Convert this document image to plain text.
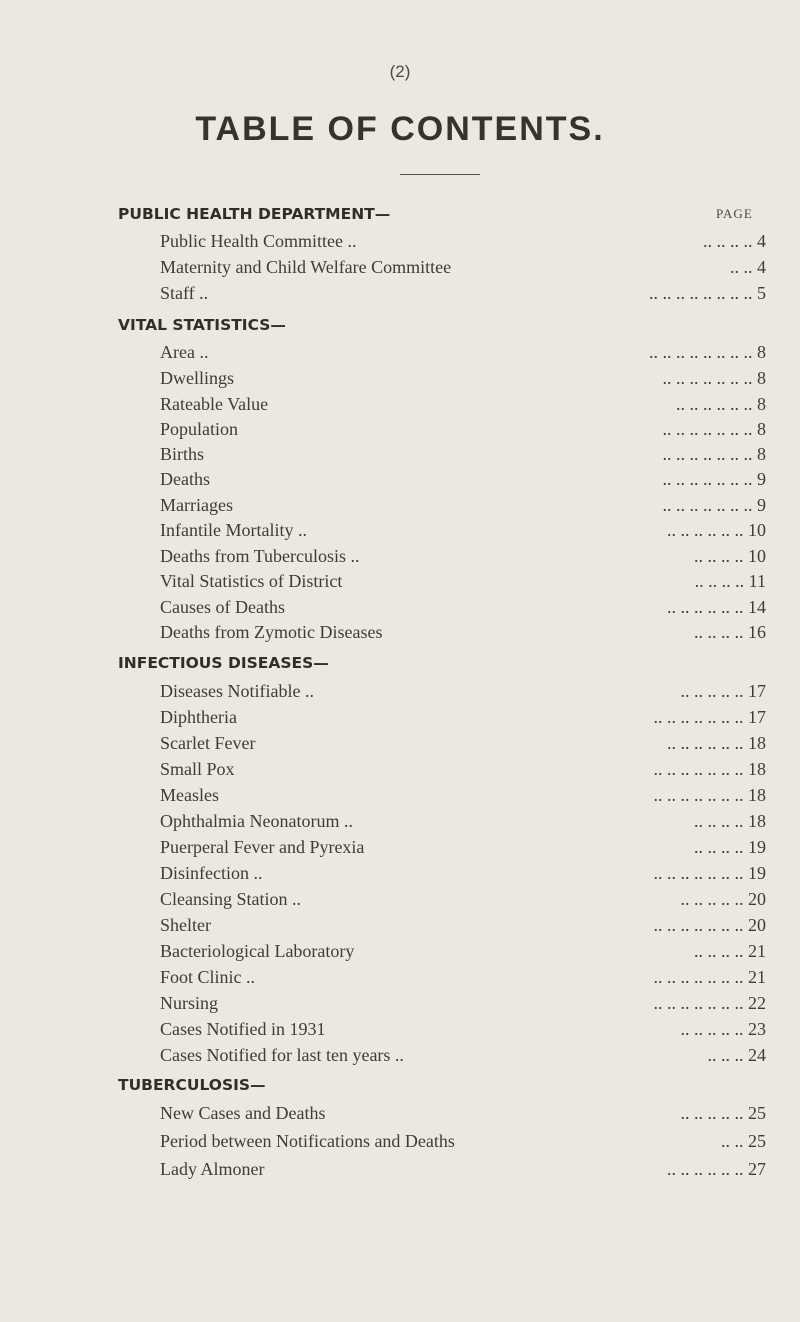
(2)
TABLE OF CONTENTS.
PAGE
PUBLIC HEALTH DEPARTMENT—
Public Health Committee ..	.. .. .. .. 4
Maternity and Child Welfare Committee	.. .. 4
Staff ..	.. .. .. .. .. .. .. .. 5
VITAL STATISTICS—
Area ..	.. .. .. .. .. .. .. .. 8
Dwellings	.. .. .. .. .. .. .. 8
Rateable Value	.. .. .. .. .. .. 8
Population	.. .. .. .. .. .. .. 8
Births	.. .. .. .. .. .. .. 8
Deaths	.. .. .. .. .. .. .. 9
Marriages	.. .. .. .. .. .. .. 9
Infantile Mortality ..	.. .. .. .. .. .. 10
Deaths from Tuberculosis ..	.. .. .. .. 10
Vital Statistics of District	.. .. .. .. 11
Causes of Deaths	.. .. .. .. .. .. 14
Deaths from Zymotic Diseases	.. .. .. .. 16
INFECTIOUS DISEASES—
Diseases Notifiable ..	.. .. .. .. .. 17
Diphtheria	.. .. .. .. .. .. .. 17
Scarlet Fever	.. .. .. .. .. .. 18
Small Pox	.. .. .. .. .. .. .. 18
Measles	.. .. .. .. .. .. .. 18
Ophthalmia Neonatorum ..	.. .. .. .. 18
Puerperal Fever and Pyrexia	.. .. .. .. 19
Disinfection ..	.. .. .. .. .. .. .. 19
Cleansing Station ..	.. .. .. .. .. 20
Shelter	.. .. .. .. .. .. .. 20
Bacteriological Laboratory	.. .. .. .. 21
Foot Clinic ..	.. .. .. .. .. .. .. 21
Nursing	.. .. .. .. .. .. .. 22
Cases Notified in 1931	.. .. .. .. .. 23
Cases Notified for last ten years ..	.. .. .. 24
TUBERCULOSIS—
New Cases and Deaths	.. .. .. .. .. 25
Period between Notifications and Deaths	.. .. 25
Lady Almoner	.. .. .. .. .. .. 27
